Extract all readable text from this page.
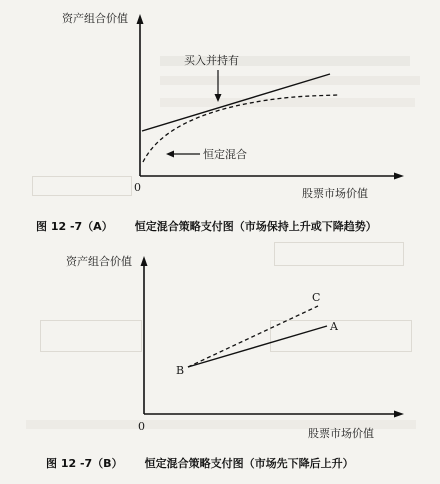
资产组合价值
股票市场价值
0
买入并持有
恒定混合
图 12 -7（A） 恒定混合策略支付图（市场保持上升或下降趋势）
资产组合价值
股票市场价值
0
A
B
C
图 12 -7（B） 恒定混合策略支付图（市场先下降后上升）
